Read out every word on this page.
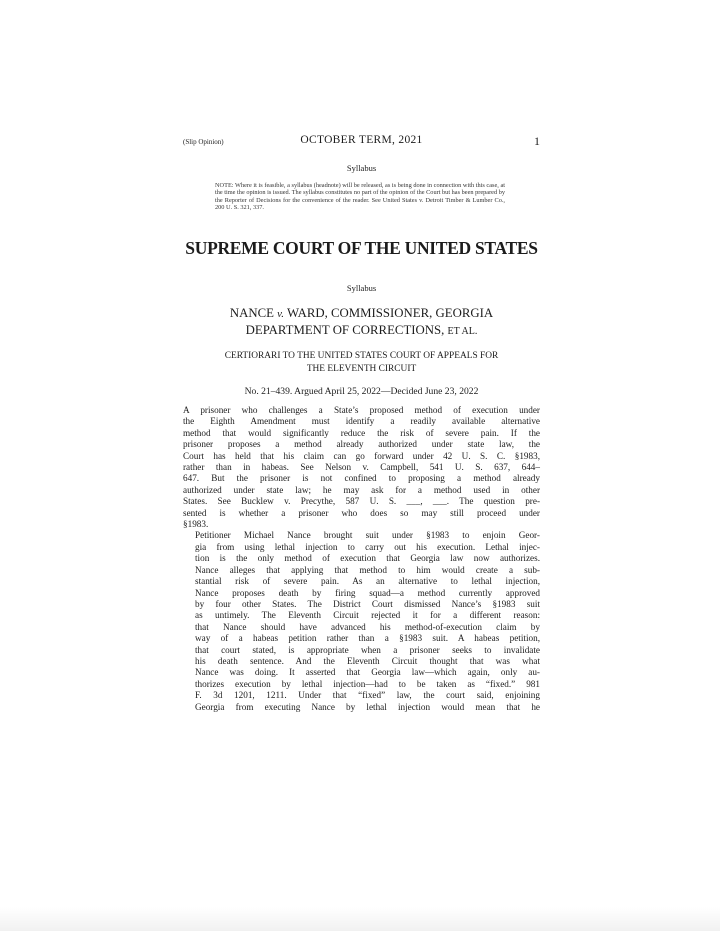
(Slip Opinion)	OCTOBER TERM, 2021	1
Syllabus
NOTE: Where it is feasible, a syllabus (headnote) will be released, as is being done in connection with this case, at the time the opinion is issued. The syllabus constitutes no part of the opinion of the Court but has been prepared by the Reporter of Decisions for the convenience of the reader. See United States v. Detroit Timber & Lumber Co., 200 U. S. 321, 337.
SUPREME COURT OF THE UNITED STATES
Syllabus
NANCE v. WARD, COMMISSIONER, GEORGIA
DEPARTMENT OF CORRECTIONS, ET AL.
CERTIORARI TO THE UNITED STATES COURT OF APPEALS FOR
THE ELEVENTH CIRCUIT
No. 21–439. Argued April 25, 2022—Decided June 23, 2022

A prisoner who challenges a State’s proposed method of execution under
the Eighth Amendment must identify a readily available alternative
method that would significantly reduce the risk of severe pain. If the
prisoner proposes a method already authorized under state law, the
Court has held that his claim can go forward under 42 U. S. C. §1983,
rather than in habeas. See Nelson v. Campbell, 541 U. S. 637, 644–
647. But the prisoner is not confined to proposing a method already
authorized under state law; he may ask for a method used in other
States. See Bucklew v. Precythe, 587 U. S. ___, ___. The question pre-
sented is whether a prisoner who does so may still proceed under
§1983.

Petitioner Michael Nance brought suit under §1983 to enjoin Geor-
gia from using lethal injection to carry out his execution. Lethal injec-
tion is the only method of execution that Georgia law now authorizes.
Nance alleges that applying that method to him would create a sub-
stantial risk of severe pain. As an alternative to lethal injection,
Nance proposes death by firing squad—a method currently approved
by four other States. The District Court dismissed Nance’s §1983 suit
as untimely. The Eleventh Circuit rejected it for a different reason:
that Nance should have advanced his method-of-execution claim by
way of a habeas petition rather than a §1983 suit. A habeas petition,
that court stated, is appropriate when a prisoner seeks to invalidate
his death sentence. And the Eleventh Circuit thought that was what
Nance was doing. It asserted that Georgia law—which again, only au-
thorizes execution by lethal injection—had to be taken as “fixed.” 981
F. 3d 1201, 1211. Under that “fixed” law, the court said, enjoining
Georgia from executing Nance by lethal injection would mean that he
